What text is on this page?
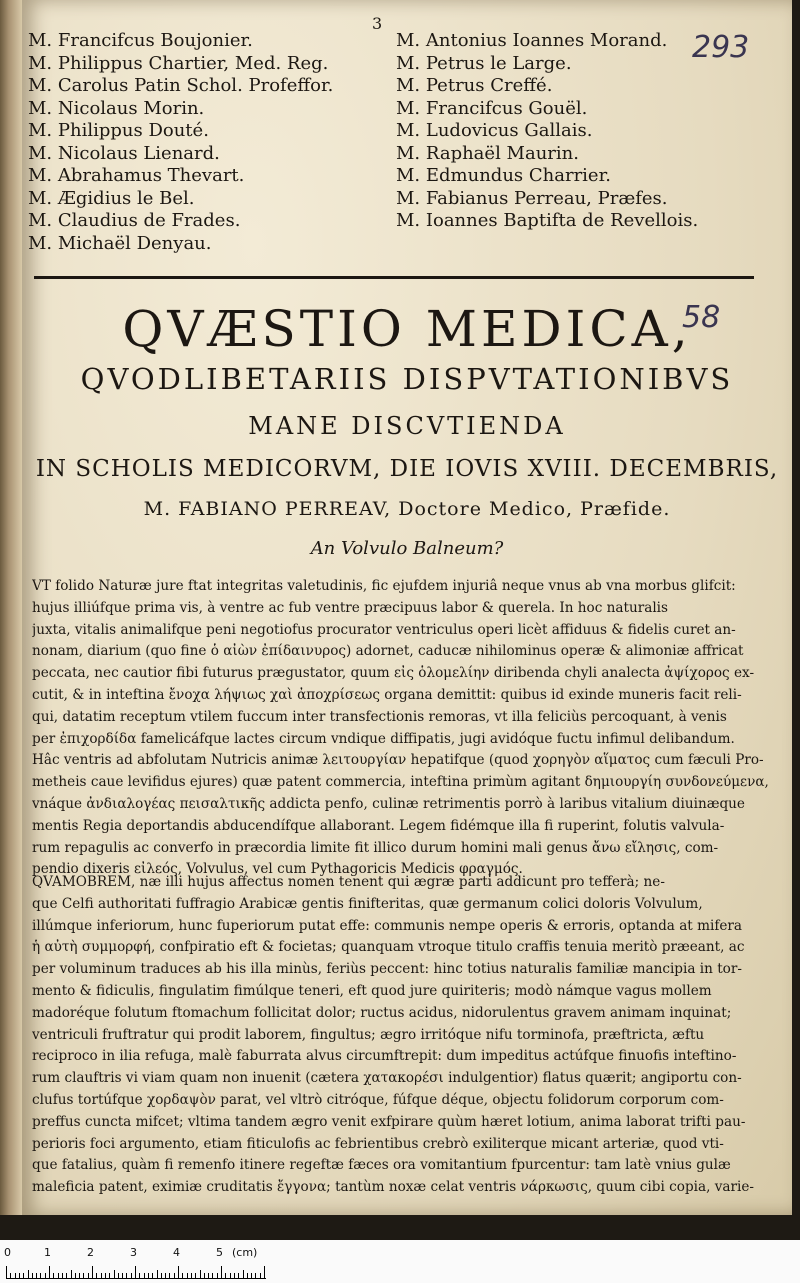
3
293
58
M. Francifcus Boujonier.
M. Philippus Chartier, Med. Reg.
M. Carolus Patin Schol. Profeffor.
M. Nicolaus Morin.
M. Philippus Douté.
M. Nicolaus Lienard.
M. Abrahamus Thevart.
M. Ægidius le Bel.
M. Claudius de Frades.
M. Michaël Denyau.
M. Antonius Ioannes Morand.
M. Petrus le Large.
M. Petrus Creffé.
M. Francifcus Gouël.
M. Ludovicus Gallais.
M. Raphaël Maurin.
M. Edmundus Charrier.
M. Fabianus Perreau, Præfes.
M. Ioannes Baptifta de Revellois.
QVÆSTIO MEDICA,
QVODLIBETARIIS DISPVTATIONIBVS
MANE DISCVTIENDA
IN SCHOLIS MEDICORVM, DIE IOVIS XVIII. DECEMBRIS,
M. FABIANO PERREAV, Doctore Medico, Præfide.
An Volvulo Balneum?
VT folido Naturæ jure ftat integritas valetudinis, fic ejufdem injuriâ neque vnus ab vna morbus glifcit:
hujus illiúfque prima vis, à ventre ac fub ventre præcipuus labor & querela. In hoc naturalis
juxta, vitalis animalifque peni negotiofus procurator ventriculus operi licèt affiduus & fidelis curet an-
nonam, diarium (quo fine ὁ αἰὼν ἐπίδαινυρος) adornet, caducæ nihilominus operæ & alimoniæ affricat
peccata, nec cautior fibi futurus prægustator, quum εἰς ὁλομελίην diribenda chyli analecta ἀψίχορος ex-
cutit, & in inteftina ἔνοχα λήψιως χαὶ ἀποχρίσεως organa demittit: quibus id exinde muneris facit reli-
qui, datatim receptum vtilem fuccum inter transfectionis remoras, vt illa feliciùs percoquant, à venis
per ἐπιχορδίδα famelicáfque lactes circum vndique diffipatis, jugi avidóque fuctu infimul delibandum.
Hâc ventris ad abfolutam Nutricis animæ λειτουργίαν hepatifque (quod χορηγὸν αἵματος cum fæculi Pro-
metheis caue levifidus ejures) quæ patent commercia, inteftina primùm agitant δημιουργίη συνδονεύμενα,
vnáque ἀνδιαλογέας πεισαλτικῆς addicta penfo, culinæ retrimentis porrò à laribus vitalium diuinæque
mentis Regia deportandis abducendífque allaborant. Legem fidémque illa fi ruperint, folutis valvula-
rum repagulis ac converfo in præcordia limite fit illico durum homini mali genus ἄνω εἴλησις, com-
pendio dixeris εἰλεός, Volvulus, vel cum Pythagoricis Medicis φραγμός.
QVAMOBREM, næ illi hujus affectus nomen tenent qui ægræ parti addicunt pro tefferà; ne-
que Celfi authoritati fuffragio Arabicæ gentis finifteritas, quæ germanum colici doloris Volvulum,
illúmque inferiorum, hunc fuperiorum putat effe: communis nempe operis & erroris, optanda at mifera
ἡ αὐτὴ συμμορφή, confpiratio eft & focietas; quanquam vtroque titulo craffis tenuia meritò præeant, ac
per voluminum traduces ab his illa minùs, feriùs peccent: hinc totius naturalis familiæ mancipia in tor-
mento & fidiculis, fingulatim fimúlque teneri, eft quod jure quiriteris; modò námque vagus mollem
madoréque folutum ftomachum follicitat dolor; ructus acidus, nidorulentus gravem animam inquinat;
ventriculi fruftratur qui prodit laborem, fingultus; ægro irritóque nifu torminofa, præftricta, æftu
reciproco in ilia refuga, malè faburrata alvus circumftrepit: dum impeditus actúfque finuofis inteftino-
rum clauftris vi viam quam non inuenit (cætera χατακορέσι indulgentior) flatus quærit; angiportu con-
clufus tortúfque χορδαψὸν parat, vel vltrò citróque, fúfque déque, objectu folidorum corporum com-
preffus cuncta mifcet; vltima tandem ægro venit exfpirare quùm hæret lotium, anima laborat trifti pau-
perioris foci argumento, etiam fiticulofis ac febrientibus crebrò exiliterque micant arteriæ, quod vti-
que fatalius, quàm fi remenfo itinere regeftæ fæces ora vomitantium fpurcentur: tam latè vnius gulæ
maleficia patent, eximiæ cruditatis ἔγγονα; tantùm noxæ celat ventris νάρκωσις, quum cibi copia, varie-
0	1	2	3	4	5 (cm)
